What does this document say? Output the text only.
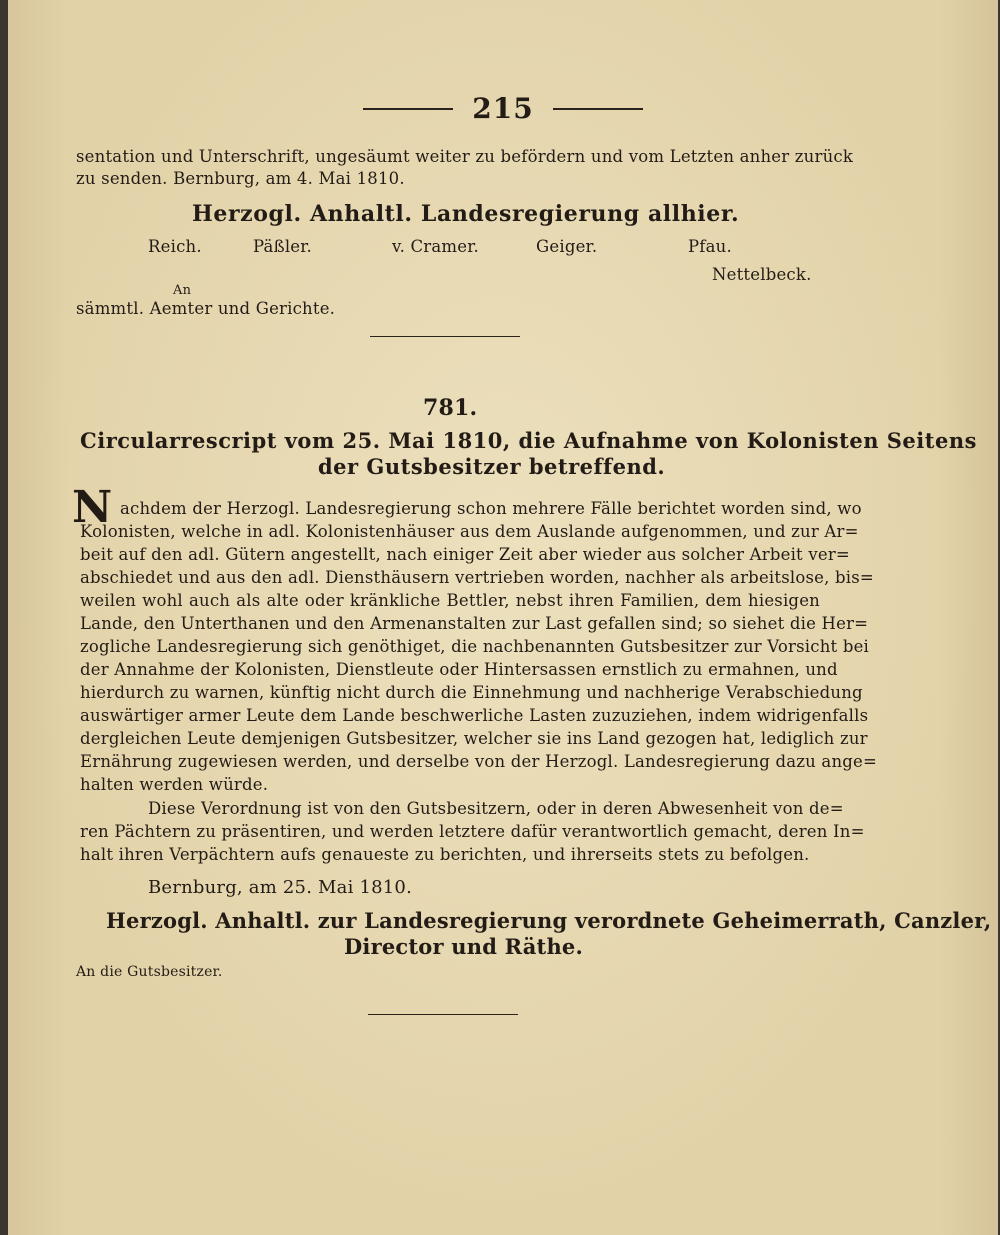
215
sentation und Unterschrift, ungesäumt weiter zu befördern und vom Letzten anher zurück
zu senden. Bernburg, am 4. Mai 1810.
Herzogl. Anhaltl. Landesregierung allhier.
Reich.	Päßler.	v. Cramer.	Geiger.	Pfau.
Nettelbeck.
An
sämmtl. Aemter und Gerichte.
781.
Circularrescript vom 25. Mai 1810, die Aufnahme von Kolonisten Seitens
der Gutsbesitzer betreffend.
N achdem der Herzogl. Landesregierung schon mehrere Fälle berichtet worden sind, wo
Kolonisten, welche in adl. Kolonistenhäuser aus dem Auslande aufgenommen, und zur Ar=
beit auf den adl. Gütern angestellt, nach einiger Zeit aber wieder aus solcher Arbeit ver=
abschiedet und aus den adl. Diensthäusern vertrieben worden, nachher als arbeitslose, bis=
weilen wohl auch als alte oder kränkliche Bettler, nebst ihren Familien, dem hiesigen
Lande, den Unterthanen und den Armenanstalten zur Last gefallen sind; so siehet die Her=
zogliche Landesregierung sich genöthiget, die nachbenannten Gutsbesitzer zur Vorsicht bei
der Annahme der Kolonisten, Dienstleute oder Hintersassen ernstlich zu ermahnen, und
hierdurch zu warnen, künftig nicht durch die Einnehmung und nachherige Verabschiedung
auswärtiger armer Leute dem Lande beschwerliche Lasten zuzuziehen, indem widrigenfalls
dergleichen Leute demjenigen Gutsbesitzer, welcher sie ins Land gezogen hat, lediglich zur
Ernährung zugewiesen werden, und derselbe von der Herzogl. Landesregierung dazu ange=
halten werden würde.
Diese Verordnung ist von den Gutsbesitzern, oder in deren Abwesenheit von de=
ren Pächtern zu präsentiren, und werden letztere dafür verantwortlich gemacht, deren In=
halt ihren Verpächtern aufs genaueste zu berichten, und ihrerseits stets zu befolgen.
Bernburg, am 25. Mai 1810.
Herzogl. Anhaltl. zur Landesregierung verordnete Geheimerrath, Canzler,
Director und Räthe.
An die Gutsbesitzer.
